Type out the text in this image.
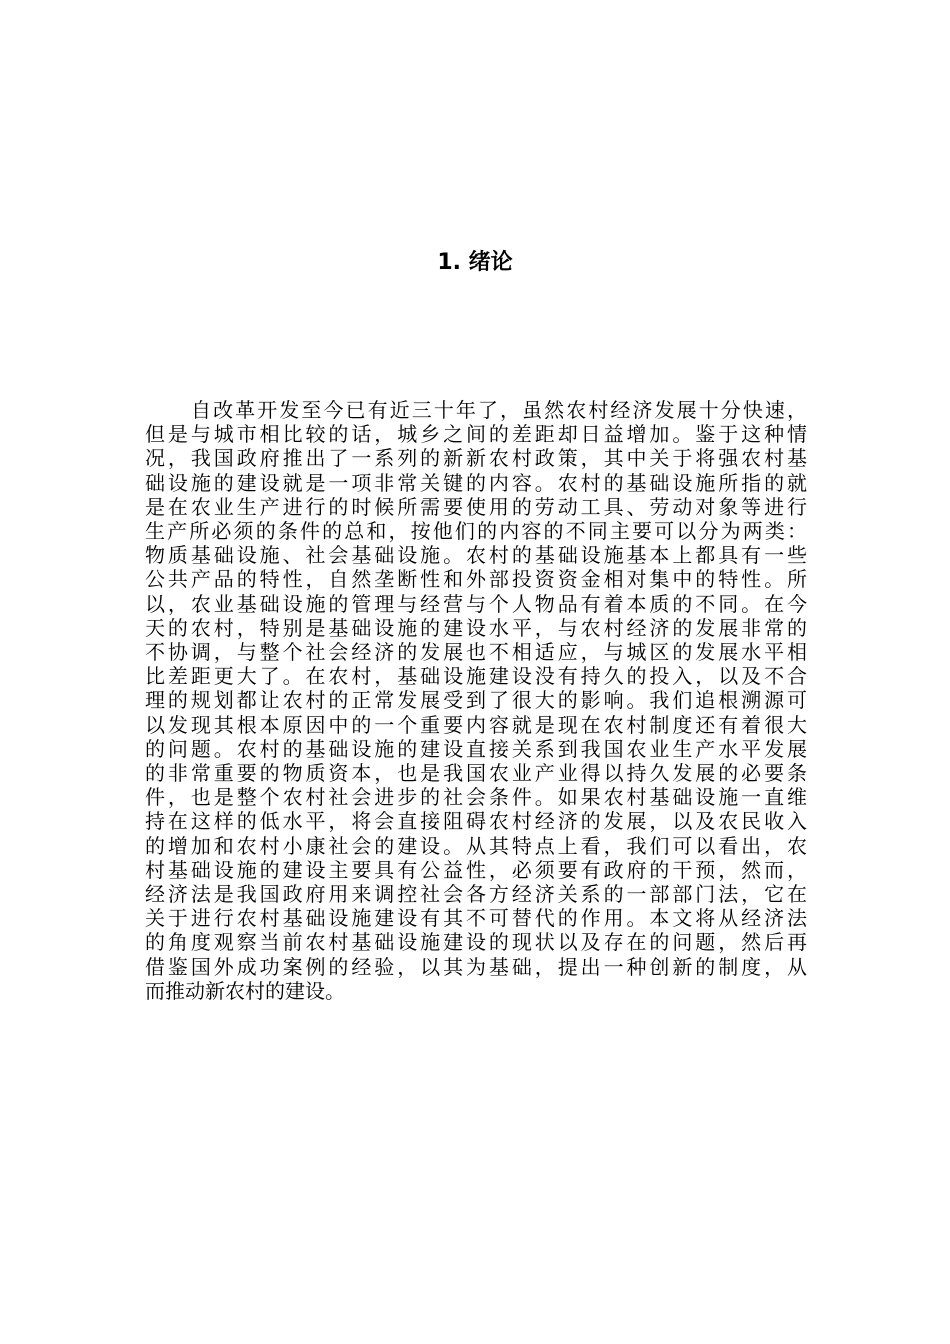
1. 绪论
自改革开发至今已有近三十年了，虽然农村经济发展十分快速，
但是与城市相比较的话，城乡之间的差距却日益增加。鉴于这种情
况，我国政府推出了一系列的新新农村政策，其中关于将强农村基
础设施的建设就是一项非常关键的内容。农村的基础设施所指的就
是在农业生产进行的时候所需要使用的劳动工具、劳动对象等进行
生产所必须的条件的总和，按他们的内容的不同主要可以分为两类：
物质基础设施、社会基础设施。农村的基础设施基本上都具有一些
公共产品的特性，自然垄断性和外部投资资金相对集中的特性。所
以，农业基础设施的管理与经营与个人物品有着本质的不同。在今
天的农村，特别是基础设施的建设水平，与农村经济的发展非常的
不协调，与整个社会经济的发展也不相适应，与城区的发展水平相
比差距更大了。在农村，基础设施建设没有持久的投入，以及不合
理的规划都让农村的正常发展受到了很大的影响。我们追根溯源可
以发现其根本原因中的一个重要内容就是现在农村制度还有着很大
的问题。农村的基础设施的建设直接关系到我国农业生产水平发展
的非常重要的物质资本，也是我国农业产业得以持久发展的必要条
件，也是整个农村社会进步的社会条件。如果农村基础设施一直维
持在这样的低水平，将会直接阻碍农村经济的发展，以及农民收入
的增加和农村小康社会的建设。从其特点上看，我们可以看出，农
村基础设施的建设主要具有公益性，必须要有政府的干预，然而，
经济法是我国政府用来调控社会各方经济关系的一部部门法，它在
关于进行农村基础设施建设有其不可替代的作用。本文将从经济法
的角度观察当前农村基础设施建设的现状以及存在的问题，然后再
借鉴国外成功案例的经验，以其为基础，提出一种创新的制度，从
而推动新农村的建设。
